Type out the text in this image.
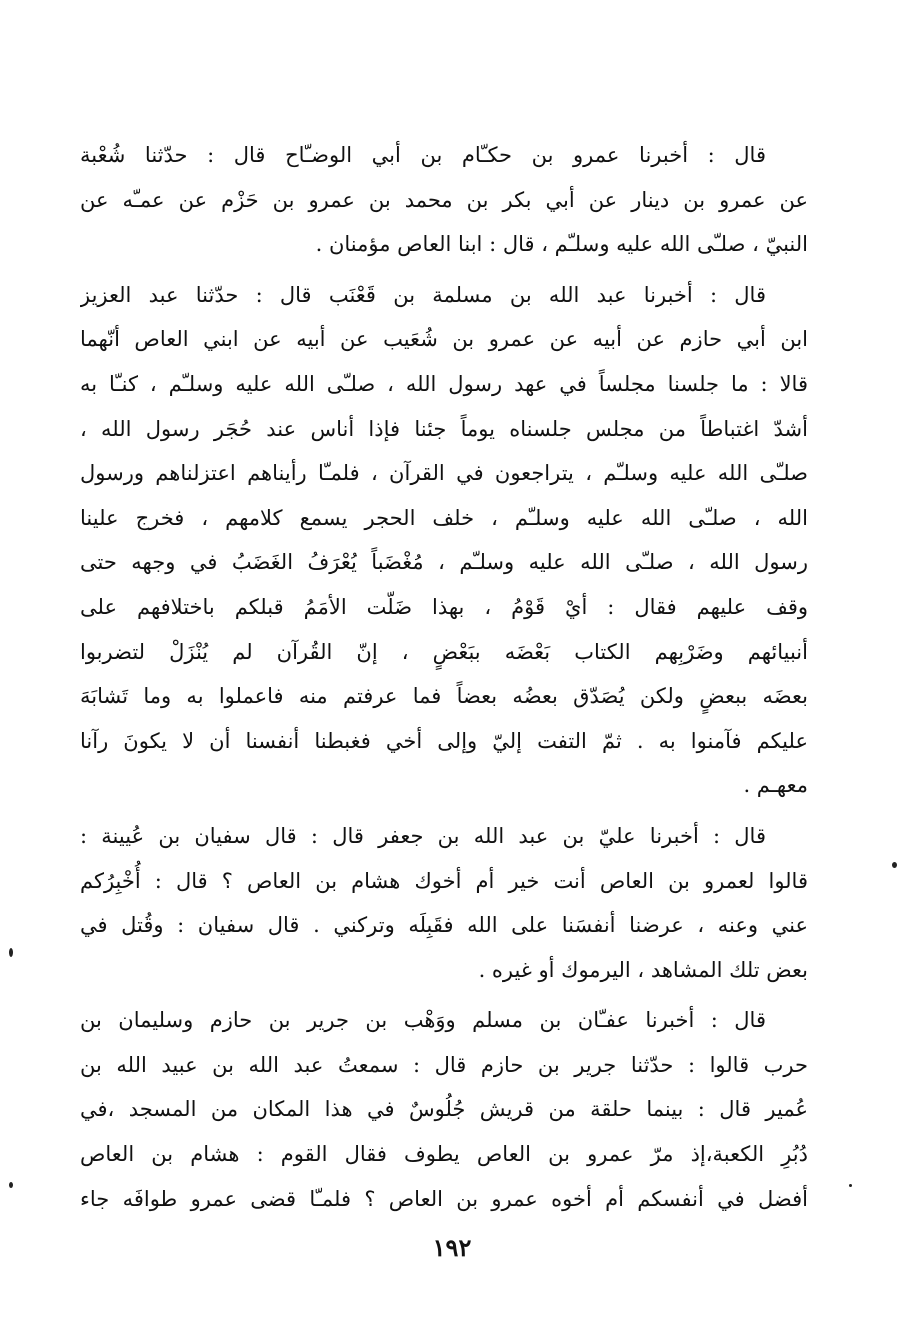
قال : أخبرنا عمرو بن حكـّام بن أبي الوضـّاح قال : حدّثنا شُعْبة
عن عمرو بن دينار عن أبي بكر بن محمد بن عمرو بن حَزْم عن عمـّه عن
النبيّ ، صلـّى الله عليه وسلـّم ، قال : ابنا العاص مؤمنان .
قال : أخبرنا عبد الله بن مسلمة بن قَعْنَب قال : حدّثنا عبد العزيز
ابن أبي حازم عن أبيه عن عمرو بن شُعَيب عن أبيه عن ابني العاص أنّهما
قالا : ما جلسنا مجلساً في عهد رسول الله ، صلـّى الله عليه وسلـّم ، كنـّا به
أشدّ اغتباطاً من مجلس جلسناه يوماً جئنا فإذا أناس عند حُجَر رسول الله ،
صلـّى الله عليه وسلـّم ، يتراجعون في القرآن ، فلمـّا رأيناهم اعتزلناهم ورسول
الله ، صلـّى الله عليه وسلـّم ، خلف الحجر يسمع كلامهم ، فخرج علينا
رسول الله ، صلـّى الله عليه وسلـّم ، مُغْضَباً يُعْرَفُ الغَضَبُ في وجهه حتى
وقف عليهم فقال : أيْ قَوْمُ ، بهذا ضَلّت الأمَمُ قبلكم باختلافهم على
أنبيائهم وضَرْبِهم الكتاب بَعْضَه ببَعْضٍ ، إنّ القُرآن لم يُنْزَلْ لتضربوا
بعضَه ببعضٍ ولكن يُصَدّق بعضُه بعضاً فما عرفتم منه فاعملوا به وما تَشابَهَ
عليكم فآمنوا به . ثمّ التفت إليّ وإلى أخي فغبطنا أنفسنا أن لا يكونَ رآنا
معهـم .
قال : أخبرنا عليّ بن عبد الله بن جعفر قال : قال سفيان بن عُيينة :
قالوا لعمرو بن العاص أنت خير أم أخوك هشام بن العاص ؟ قال : أُخْبِرُكم
عني وعنه ، عرضنا أنفسَنا على الله فقَبِلَه وتركني . قال سفيان : وقُتل في
بعض تلك المشاهد ، اليرموك أو غيره .
قال : أخبرنا عفـّان بن مسلم ووَهْب بن جرير بن حازم وسليمان بن
حرب قالوا : حدّثنا جرير بن حازم قال : سمعتُ عبد الله بن عبيد الله بن
عُمير قال : بينما حلقة من قريش جُلُوسٌ في هذا المكان من المسجد ،في
دُبُرِ الكعبة،إذ مرّ عمرو بن العاص يطوف فقال القوم : هشام بن العاص
أفضل في أنفسكم أم أخوه عمرو بن العاص ؟ فلمـّا قضى عمرو طوافَه جاء
١٩٢
